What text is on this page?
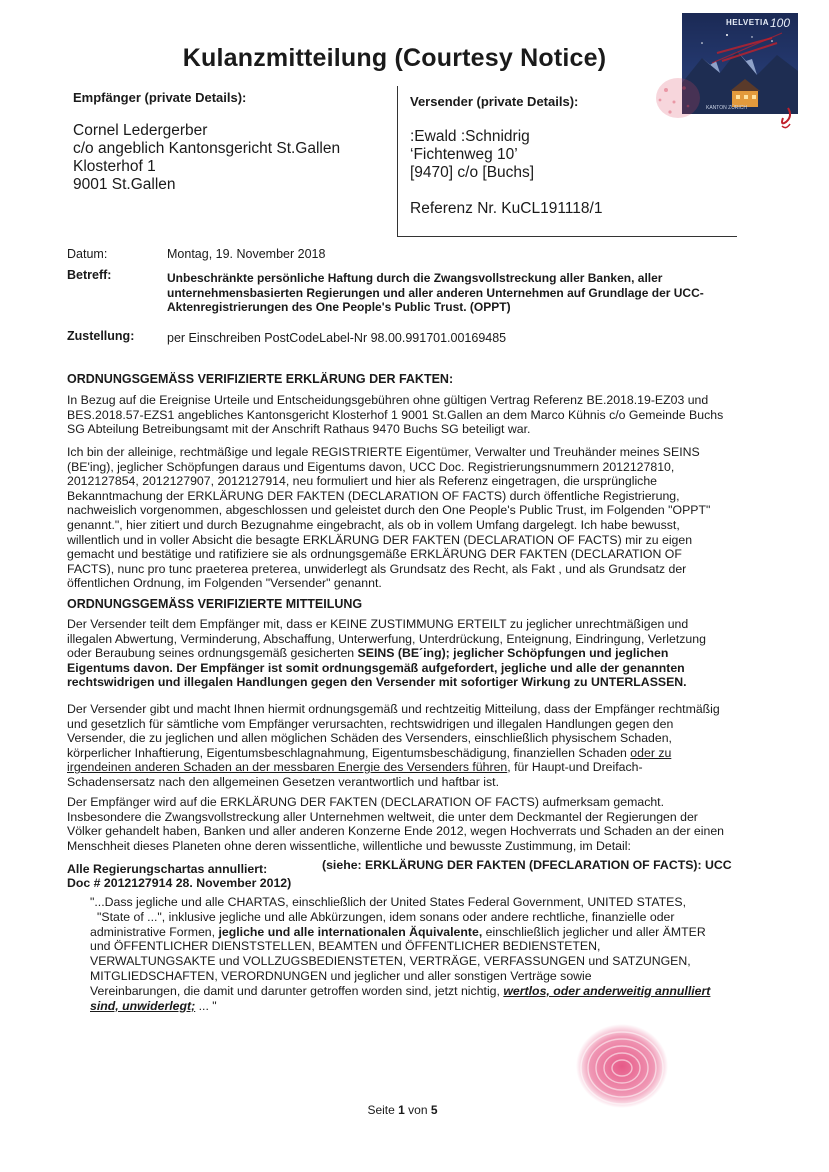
Kulanzmitteilung (Courtesy Notice)
HELVETIA 100
KANTON ZÜRICH
Empfänger (private Details):
Cornel Ledergerber
c/o angeblich Kantonsgericht St.Gallen
Klosterhof 1
9001 St.Gallen
Versender (private Details):
:Ewald :Schnidrig
‘Fichtenweg 10’
[9470] c/o [Buchs]
Referenz Nr. KuCL191118/1
Datum:	Montag, 19. November 2018
Betreff:	Unbeschränkte persönliche Haftung durch die Zwangsvollstreckung aller Banken, aller
unternehmensbasierten Regierungen und aller anderen Unternehmen auf Grundlage der UCC-
Aktenregistrierungen des One People's Public Trust. (OPPT)
Zustellung:	per Einschreiben PostCodeLabel-Nr 98.00.991701.00169485
ORDNUNGSGEMÄSS VERIFIZIERTE ERKLÄRUNG DER FAKTEN:
In Bezug auf die Ereignise Urteile und Entscheidungsgebühren ohne gültigen Vertrag Referenz BE.2018.19-EZ03 und
BES.2018.57-EZS1 angebliches Kantonsgericht Klosterhof 1 9001 St.Gallen an dem Marco Kühnis c/o Gemeinde Buchs
SG Abteilung Betreibungsamt mit der Anschrift Rathaus 9470 Buchs SG beteiligt war.
Ich bin der alleinige, rechtmäßige und legale REGISTRIERTE Eigentümer, Verwalter und Treuhänder meines SEINS
(BE'ing), jeglicher Schöpfungen daraus und Eigentums davon, UCC Doc. Registrierungsnummern 2012127810,
2012127854, 2012127907, 2012127914, neu formuliert und hier als Referenz eingetragen, die ursprüngliche
Bekanntmachung der ERKLÄRUNG DER FAKTEN (DECLARATION OF FACTS) durch öffentliche Registrierung,
nachweislich vorgenommen, abgeschlossen und geleistet durch den One People's Public Trust, im Folgenden "OPPT"
genannt.", hier zitiert und durch Bezugnahme eingebracht, als ob in vollem Umfang dargelegt. Ich habe bewusst,
willentlich und in voller Absicht die besagte ERKLÄRUNG DER FAKTEN (DECLARATION OF FACTS) mir zu eigen
gemacht und bestätige und ratifiziere sie als ordnungsgemäße ERKLÄRUNG DER FAKTEN (DECLARATION OF
FACTS), nunc pro tunc praeterea preterea, unwiderlegt als Grundsatz des Recht, als Fakt , und als Grundsatz der
öffentlichen Ordnung, im Folgenden "Versender" genannt.
ORDNUNGSGEMÄSS VERIFIZIERTE MITTEILUNG
Der Versender teilt dem Empfänger mit, dass er KEINE ZUSTIMMUNG ERTEILT zu jeglicher unrechtmäßigen und
illegalen Abwertung, Verminderung, Abschaffung, Unterwerfung, Unterdrückung, Enteignung, Eindringung, Verletzung
oder Beraubung seines ordnungsgemäß gesicherten SEINS (BE´ing); jeglicher Schöpfungen und jeglichen
Eigentums davon. Der Empfänger ist somit ordnungsgemäß aufgefordert, jegliche und alle der genannten
rechtswidrigen und illegalen Handlungen gegen den Versender mit sofortiger Wirkung zu UNTERLASSEN.
Der Versender gibt und macht Ihnen hiermit ordnungsgemäß und rechtzeitig Mitteilung, dass der Empfänger rechtmäßig
und gesetzlich für sämtliche vom Empfänger verursachten, rechtswidrigen und illegalen Handlungen gegen den
Versender, die zu jeglichen und allen möglichen Schäden des Versenders, einschließlich physischem Schaden,
körperlicher Inhaftierung, Eigentumsbeschlagnahmung, Eigentumsbeschädigung, finanziellen Schaden oder zu
irgendeinen anderen Schaden an der messbaren Energie des Versenders führen, für Haupt-und Dreifach-
Schadensersatz nach den allgemeinen Gesetzen verantwortlich und haftbar ist.
Der Empfänger wird auf die ERKLÄRUNG DER FAKTEN (DECLARATION OF FACTS) aufmerksam gemacht.
Insbesondere die Zwangsvollstreckung aller Unternehmen weltweit, die unter dem Deckmantel der Regierungen der
Völker gehandelt haben, Banken und aller anderen Konzerne Ende 2012, wegen Hochverrats und Schaden an der einen
Menschheit dieses Planeten ohne deren wissentliche, willentliche und bewusste Zustimmung, im Detail:
Alle Regierungschartas annulliert:	(siehe: ERKLÄRUNG DER FAKTEN (DFECLARATION OF FACTS): UCC
Doc # 2012127914 28. November 2012)
"...Dass jegliche und alle CHARTAS, einschließlich der United States Federal Government, UNITED STATES,
"State of ...", inklusive jegliche und alle Abkürzungen, idem sonans oder andere rechtliche, finanzielle oder
administrative Formen, jegliche und alle internationalen Äquivalente, einschließlich jeglicher und aller ÄMTER
und ÖFFENTLICHER DIENSTSTELLEN, BEAMTEN und ÖFFENTLICHER BEDIENSTETEN,
VERWALTUNGSAKTE und VOLLZUGSBEDIENSTETEN, VERTRÄGE, VERFASSUNGEN und SATZUNGEN,
MITGLIEDSCHAFTEN, VERORDNUNGEN und jeglicher und aller sonstigen Verträge sowie
Vereinbarungen, die damit und darunter getroffen worden sind, jetzt nichtig, wertlos, oder anderweitig annulliert
sind, unwiderlegt; ... "
Seite 1 von 5
